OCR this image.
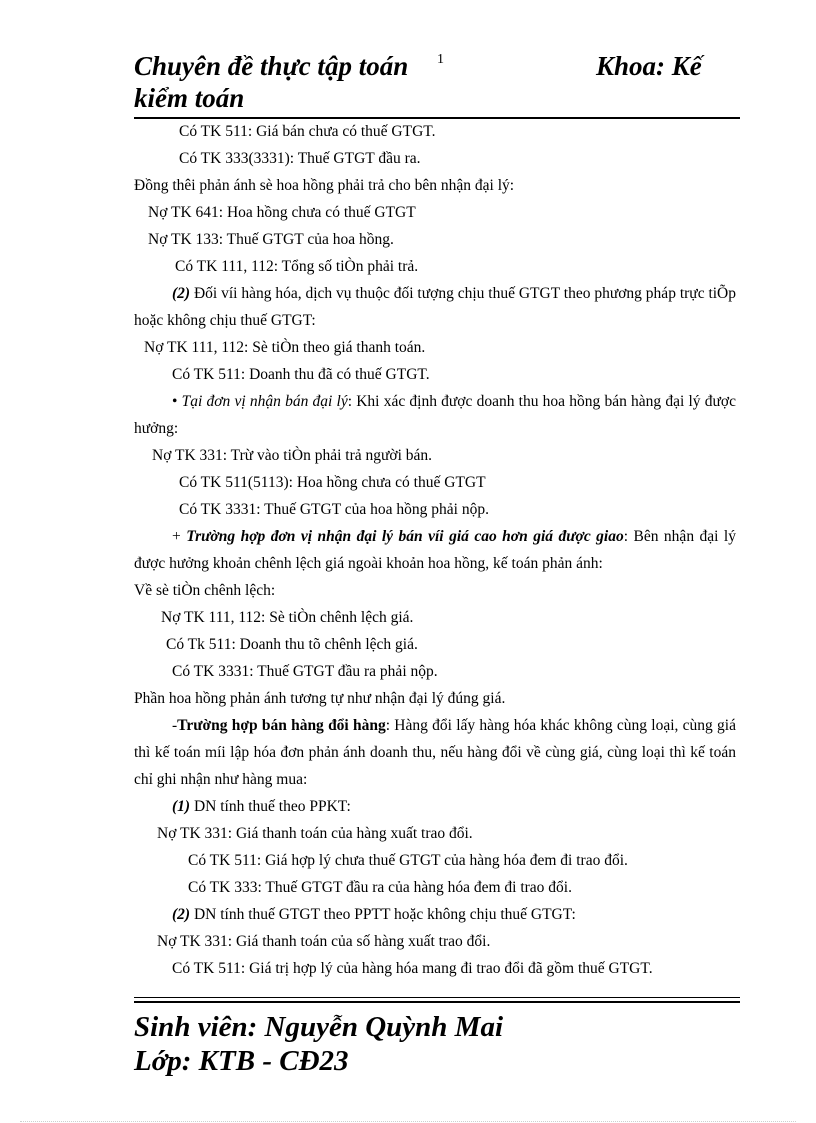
Chuyên đề thực tập toán kiểm toán
1	Khoa: Kế
Có TK 511: Giá bán chưa có thuế GTGT.
Có TK 333(3331): Thuế GTGT đầu ra.
Đồng thêi phản ánh sè hoa hồng phải trả cho bên nhận đại lý:
Nợ TK 641: Hoa hồng chưa có thuế GTGT
Nợ TK 133: Thuế GTGT của hoa hồng.
Có TK 111, 112: Tổng số tiÒn phải trả.
(2) Đối víi hàng hóa, dịch vụ thuộc đối tượng chịu thuế GTGT theo phương pháp trực tiÕp hoặc không chịu thuế GTGT:
Nợ TK 111, 112: Sè tiÒn theo giá thanh toán.
Có TK 511: Doanh thu đã có thuế GTGT.
• Tại đơn vị nhận bán đại lý: Khi xác định được doanh thu hoa hồng bán hàng đại lý được hưởng:
Nợ TK 331: Trừ vào tiÒn phải trả người bán.
Có TK 511(5113): Hoa hồng chưa có thuế GTGT
Có TK 3331: Thuế GTGT của hoa hồng phải nộp.
+ Trường hợp đơn vị nhận đại lý bán víi giá cao hơn giá được giao: Bên nhận đại lý được hưởng khoản chênh lệch giá ngoài khoản hoa hồng, kế toán phản ánh:
Về sè tiÒn chênh lệch:
Nợ TK 111, 112: Sè tiÒn chênh lệch giá.
Có Tk 511: Doanh thu tõ chênh lệch giá.
Có TK 3331: Thuế GTGT đầu ra phải nộp.
Phần hoa hồng phản ánh tương tự như nhận đại lý đúng giá.
-Trường hợp bán hàng đổi hàng: Hàng đổi lấy hàng hóa khác không cùng loại, cùng giá thì kế toán míi lập hóa đơn phản ánh doanh thu, nếu hàng đổi về cùng giá, cùng loại thì kế toán chỉ ghi nhận như hàng mua:
(1) DN tính thuế theo PPKT:
Nợ TK 331: Giá thanh toán của hàng xuất trao đổi.
Có TK 511: Giá hợp lý chưa thuế GTGT của hàng hóa đem đi trao đổi.
Có TK 333: Thuế GTGT đầu ra của hàng hóa đem đi trao đổi.
(2) DN tính thuế GTGT theo PPTT hoặc không chịu thuế GTGT:
Nợ TK 331: Giá thanh toán của số hàng xuất trao đổi.
Có TK 511: Giá trị hợp lý của hàng hóa mang đi trao đổi đã gồm thuế GTGT.
Sinh viên: Nguyễn Quỳnh Mai
Lớp: KTB - CĐ23
